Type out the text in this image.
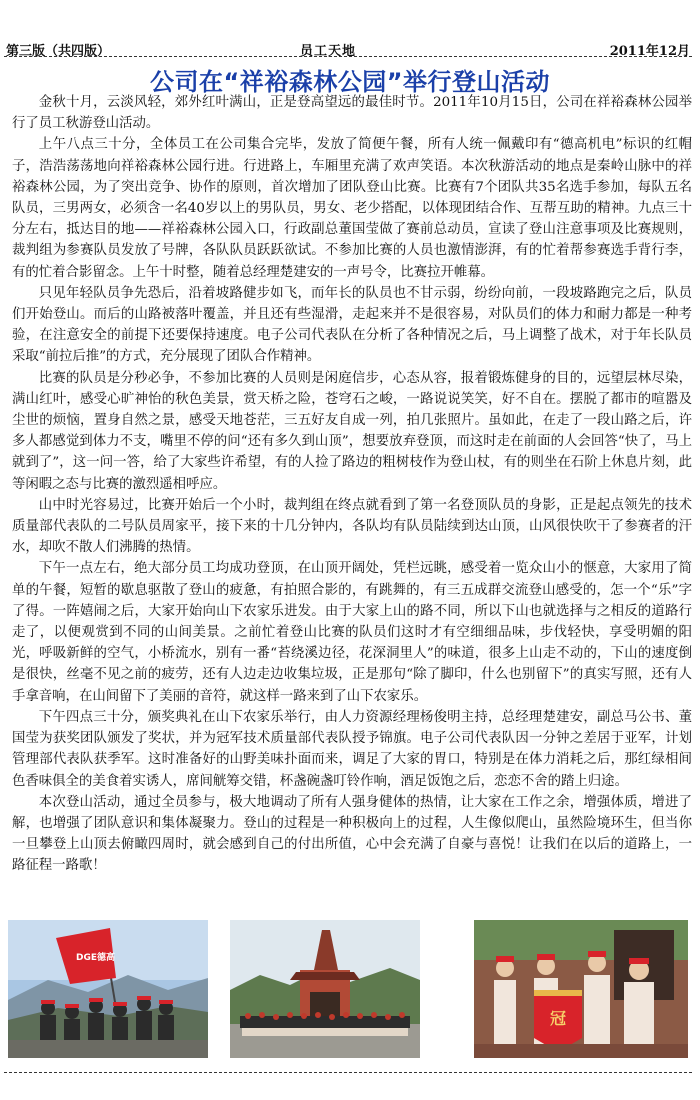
第三版（共四版）	员工天地	2011年12月
公司在“祥裕森林公园”举行登山活动

金秋十月，云淡风轻，郊外红叶满山，正是登高望远的最佳时节。2011年10月15日，公司在祥裕森林公园举行了员工秋游登山活动。

上午八点三十分，全体员工在公司集合完毕，发放了简便午餐，所有人统一佩戴印有“德高机电”标识的红帽子，浩浩荡荡地向祥裕森林公园行进。行进路上，车厢里充满了欢声笑语。本次秋游活动的地点是秦岭山脉中的祥裕森林公园，为了突出竞争、协作的原则，首次增加了团队登山比赛。比赛有7个团队共35名选手参加，每队五名队员，三男两女，必须含一名40岁以上的男队员，男女、老少搭配，以体现团结合作、互帮互助的精神。九点三十分左右，抵达目的地——祥裕森林公园入口，行政副总董国莹做了赛前总动员，宣读了登山注意事项及比赛规则，裁判组为参赛队员发放了号牌，各队队员跃跃欲试。不参加比赛的人员也激情澎湃，有的忙着帮参赛选手背行李，有的忙着合影留念。上午十时整，随着总经理楚建安的一声号令，比赛拉开帷幕。

只见年轻队员争先恐后，沿着坡路健步如飞，而年长的队员也不甘示弱，纷纷向前，一段坡路跑完之后，队员们开始登山。而后的山路被落叶覆盖，并且还有些湿滑，走起来并不是很容易，对队员们的体力和耐力都是一种考验，在注意安全的前提下还要保持速度。电子公司代表队在分析了各种情况之后，马上调整了战术，对于年长队员采取“前拉后推”的方式，充分展现了团队合作精神。

比赛的队员是分秒必争，不参加比赛的人员则是闲庭信步，心态从容，报着锻炼健身的目的，远望层林尽染，满山红叶，感受心旷神怡的秋色美景，赏天桥之险，苍穹石之峻，一路说说笑笑，好不自在。摆脱了都市的喧嚣及尘世的烦恼，置身自然之景，感受天地苍茫，三五好友自成一列，拍几张照片。虽如此，在走了一段山路之后，许多人都感觉到体力不支，嘴里不停的问“还有多久到山顶”，想要放弃登顶，而这时走在前面的人会回答“快了，马上就到了”，这一问一答，给了大家些许希望，有的人捡了路边的粗树枝作为登山杖，有的则坐在石阶上休息片刻，此等闲暇之态与比赛的激烈遥相呼应。

山中时光容易过，比赛开始后一个小时，裁判组在终点就看到了第一名登顶队员的身影，正是起点领先的技术质量部代表队的二号队员周家平，接下来的十几分钟内，各队均有队员陆续到达山顶，山风很快吹干了参赛者的汗水，却吹不散人们沸腾的热情。

下午一点左右，绝大部分员工均成功登顶，在山顶开阔处，凭栏远眺，感受着一览众山小的惬意，大家用了简单的午餐，短暂的歇息驱散了登山的疲惫，有拍照合影的，有跳舞的，有三五成群交流登山感受的，怎一个“乐”字了得。一阵嬉闹之后，大家开始向山下农家乐进发。由于大家上山的路不同，所以下山也就选择与之相反的道路行走了，以便观赏到不同的山间美景。之前忙着登山比赛的队员们这时才有空细细品味，步伐轻快，享受明媚的阳光，呼吸新鲜的空气，小桥流水，别有一番“苔绕溪边径，花深洞里人”的味道，很多上山走不动的，下山的速度倒是很快，丝毫不见之前的疲劳，还有人边走边收集垃圾，正是那句“除了脚印，什么也别留下”的真实写照，还有人手拿音响，在山间留下了美丽的音符，就这样一路来到了山下农家乐。

下午四点三十分，颁奖典礼在山下农家乐举行，由人力资源经理杨俊明主持，总经理楚建安，副总马公书、董国莹为获奖团队颁发了奖状，并为冠军技术质量部代表队授予锦旗。电子公司代表队因一分钟之差居于亚军，计划管理部代表队获季军。这时准备好的山野美味扑面而来，调足了大家的胃口，特别是在体力消耗之后，那红绿相间色香味俱全的美食着实诱人，席间觥筹交错，杯盏碗盏叮铃作响，酒足饭饱之后，恋恋不舍的踏上归途。

本次登山活动，通过全员参与，极大地调动了所有人强身健体的热情，让大家在工作之余，增强体质，增进了解，也增强了团队意识和集体凝聚力。登山的过程是一种积极向上的过程，人生像似爬山，虽然险境环生，但当你一旦攀登上山顶去俯瞰四周时，就会感到自己的付出所值，心中会充满了自豪与喜悦！让我们在以后的道路上，一路征程一路歌！

DGE德高
冠
